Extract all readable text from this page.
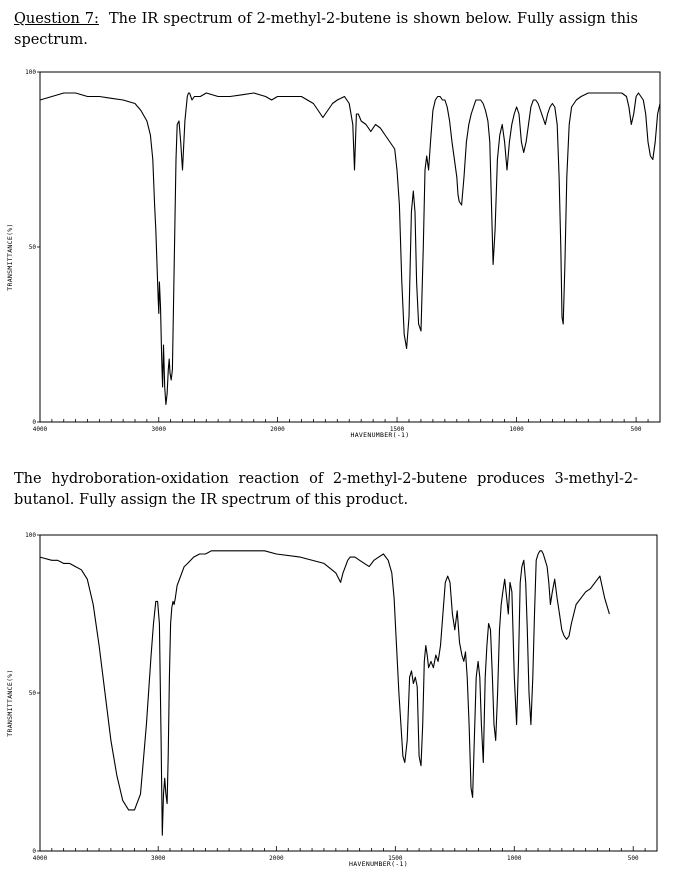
Question 7: The IR spectrum of 2-methyl-2-butene is shown below. Fully assign this spectrum.

4000	3000	2000	1500	1000	500
0
50
100
HAVENUMBER(-1)
TRANSMITTANCE(%)

The hydroboration-oxidation reaction of 2-methyl-2-butene produces 3-methyl-2-butanol. Fully assign the IR spectrum of this product.

4000	3000	2000	1500	1000	500
0
50
100
HAVENUMBER(-1)
TRANSMITTANCE(%)
